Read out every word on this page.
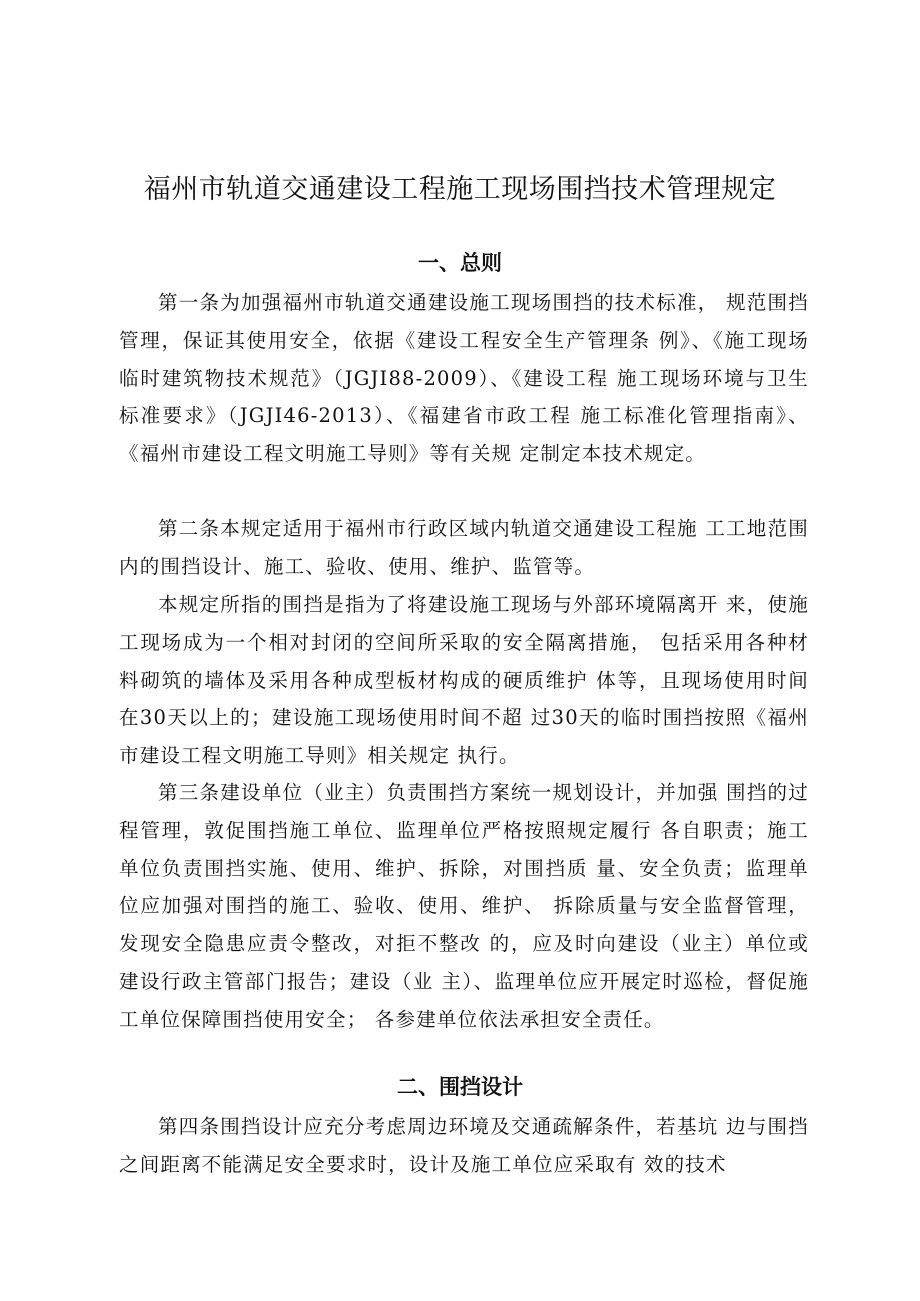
福州市轨道交通建设工程施工现场围挡技术管理规定
一、总则

第一条为加强福州市轨道交通建设施工现场围挡的技术标准， 规范围挡管理，保证其使用安全，依据《建设工程安全生产管理条 例》、《施工现场临时建筑物技术规范》（JGJI88-2009）、《建设工程 施工现场环境与卫生标准要求》（JGJI46-2013）、《福建省市政工程 施工标准化管理指南》、《福州市建设工程文明施工导则》等有关规 定制定本技术规定。

第二条本规定适用于福州市行政区域内轨道交通建设工程施 工工地范围内的围挡设计、施工、验收、使用、维护、监管等。

本规定所指的围挡是指为了将建设施工现场与外部环境隔离开 来，使施工现场成为一个相对封闭的空间所采取的安全隔离措施， 包括采用各种材料砌筑的墙体及采用各种成型板材构成的硬质维护 体等，且现场使用时间在30天以上的；建设施工现场使用时间不超 过30天的临时围挡按照《福州市建设工程文明施工导则》相关规定 执行。

第三条建设单位（业主）负责围挡方案统一规划设计，并加强 围挡的过程管理，敦促围挡施工单位、监理单位严格按照规定履行 各自职责；施工单位负责围挡实施、使用、维护、拆除，对围挡质 量、安全负责；监理单位应加强对围挡的施工、验收、使用、维护、 拆除质量与安全监督管理，发现安全隐患应责令整改，对拒不整改 的，应及时向建设（业主）单位或建设行政主管部门报告；建设（业 主）、监理单位应开展定时巡检，督促施工单位保障围挡使用安全； 各参建单位依法承担安全责任。

二、围挡设计

第四条围挡设计应充分考虑周边环境及交通疏解条件，若基坑 边与围挡之间距离不能满足安全要求时，设计及施工单位应采取有 效的技术
